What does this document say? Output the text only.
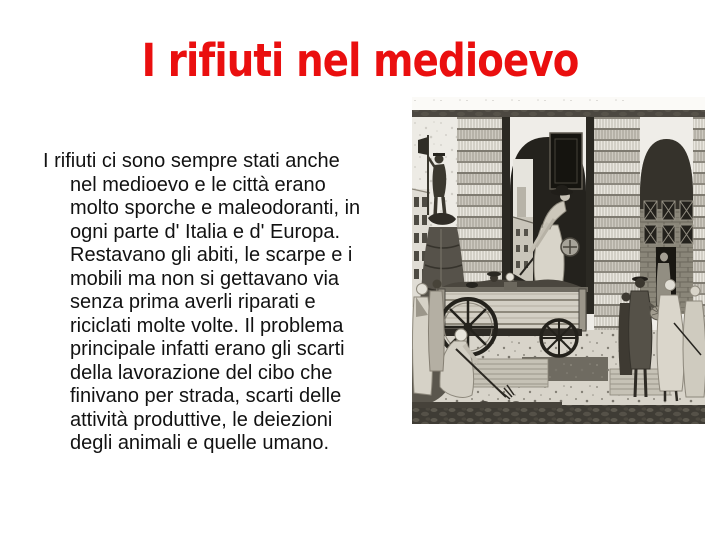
I rifiuti nel medioevo
I rifiuti ci sono sempre stati anche
nel medioevo e le città erano
molto sporche e maleodoranti, in
ogni parte d' Italia e d' Europa.
Restavano gli abiti, le scarpe e i
mobili ma non si gettavano via
senza prima averli riparati e
riciclati molte volte. Il problema
principale infatti erano gli scarti
della lavorazione del cibo che
finivano per strada, scarti delle
attività produttive, le deiezioni
degli animali e quelle umano.
